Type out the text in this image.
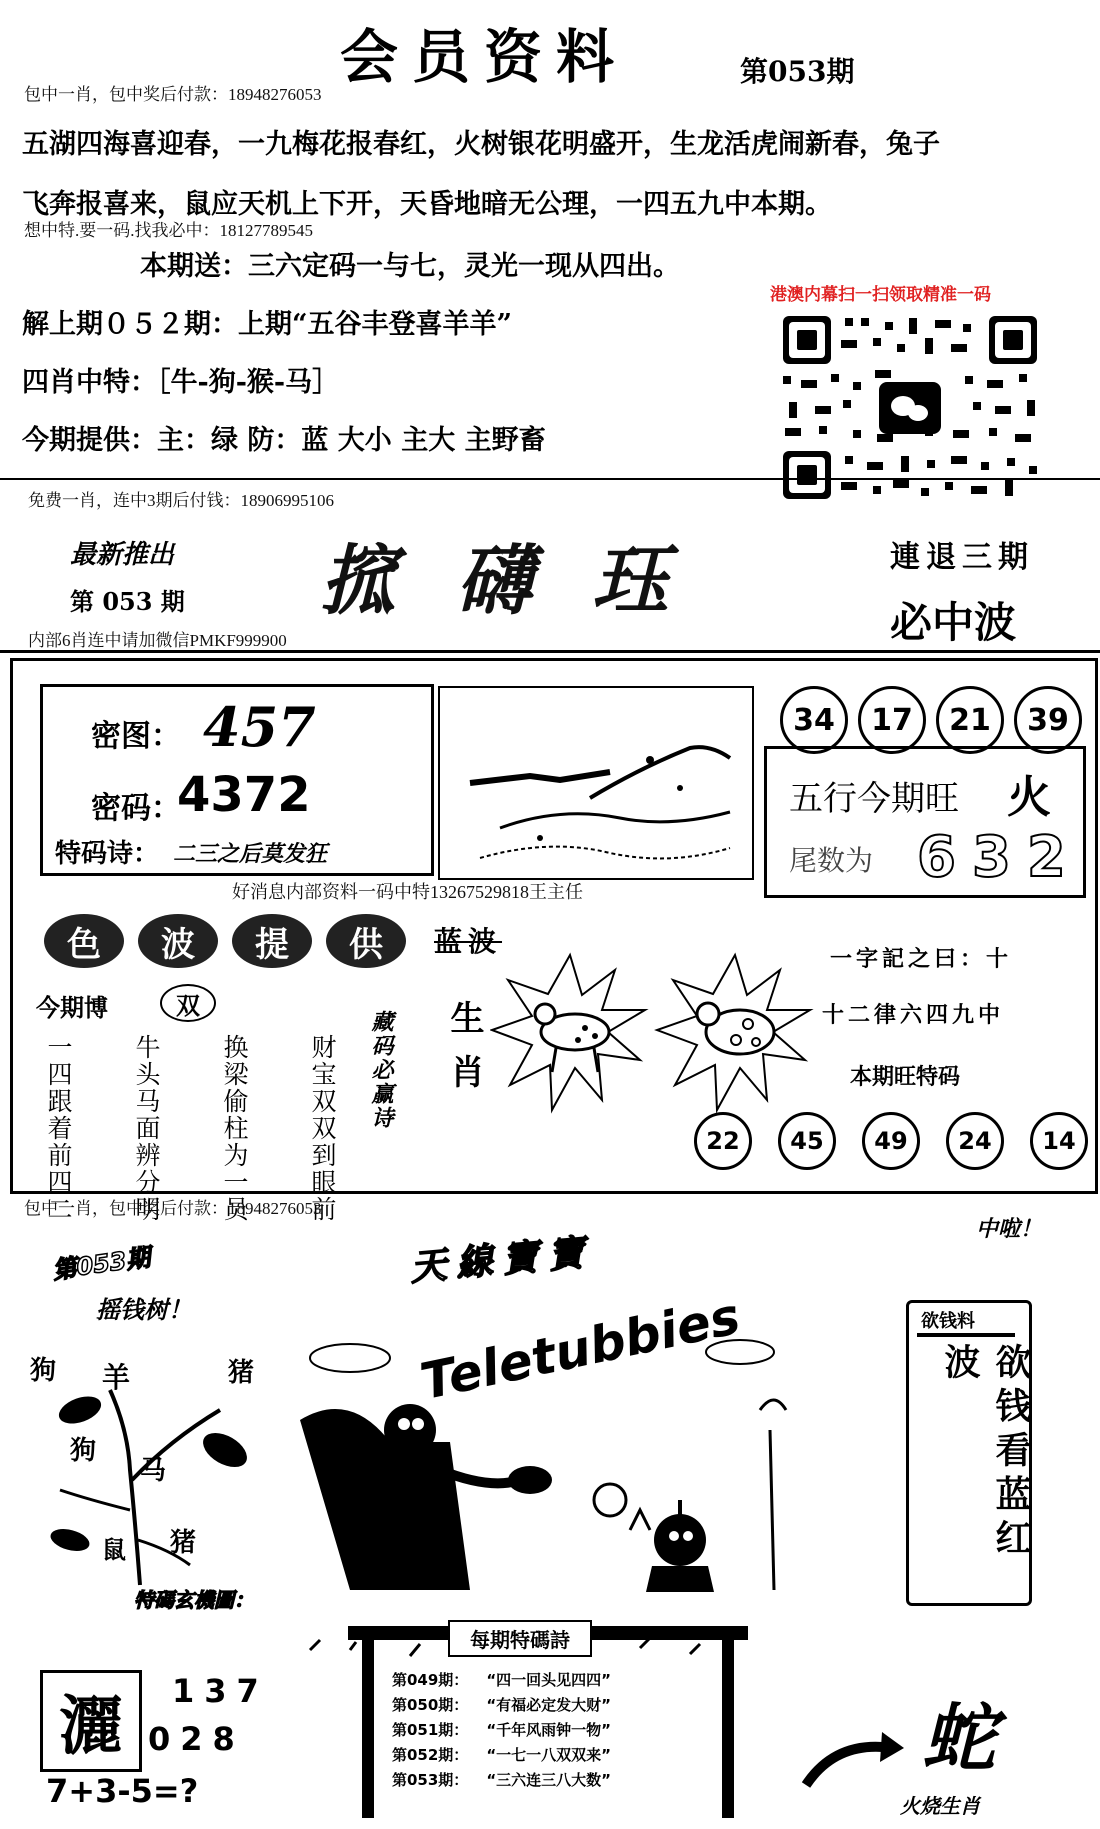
会员资料	第053期
包中一肖，包中奖后付款：18948276053
五湖四海喜迎春，一九梅花报春红，火树银花明盛开，生龙活虎闹新春，兔子
飞奔报喜来，鼠应天机上下开，天昏地暗无公理，一四五九中本期。
想中特.要一码.找我必中：18127789545
本期送：三六定码一与七，灵光一现从四出。
解上期０５２期：上期“五谷丰登喜羊羊”
四肖中特：［牛-狗-猴-马］
今期提供：主：绿 防：蓝 大小 主大 主野畜
港澳内幕扫一扫领取精准一码
免费一肖，连中3期后付钱：18906995106
最新推出
第 053 期 搲礴珏	連退三期
必中波
内部6肖连中请加微信PMKF999900
密图： 457
密码：
4372
特码诗： 二三之后莫发狂
34	17	21	39
五行今期旺 火
尾数为 632
好消息内部资料一码中特13267529818王主任
色	波	提	供
今期博	双
一四跟着前四二 牛头马面辨分明 换梁偷柱为一员 财宝双双到眼前 藏码必赢诗
蓝波
生肖
一字記之曰：十
十二律六四九中
本期旺特码
22	45	49	24	14
包中一肖，包中奖后付款：18948276053
第053期
摇钱树！
狗 羊	猪
狗
马
鼠 猪
天線寶寶
Teletubbies
中啦！
欲钱料
欲钱看蓝红波
特碼玄機圖：
灑	137
028
7+3-5=?
每期特碼詩
第049期： “四一回头见四四”
第050期： “有福必定发大财”
第051期： “千年风雨钟一物”
第052期： “一七一八双双来”
第053期： “三六连三八大数”	蛇
火烧生肖
